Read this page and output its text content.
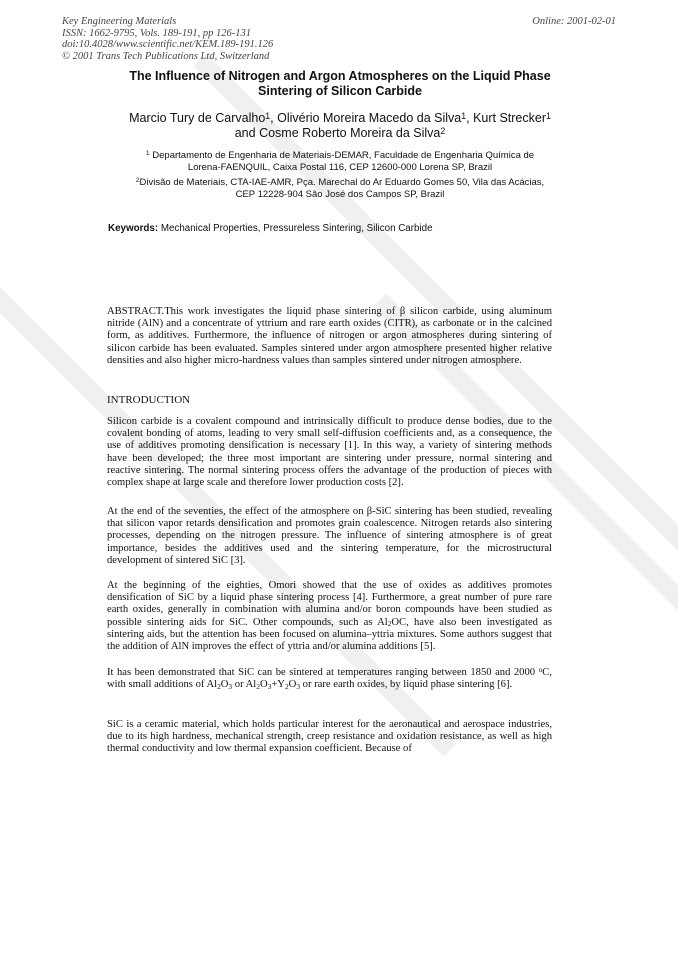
Key Engineering Materials
ISSN: 1662-9795, Vols. 189-191, pp 126-131
doi:10.4028/www.scientific.net/KEM.189-191.126
© 2001 Trans Tech Publications Ltd, Switzerland
Online: 2001-02-01
The Influence of Nitrogen and Argon Atmospheres on the Liquid Phase
Sintering of Silicon Carbide
Marcio Tury de Carvalho$^1$, Olivério Moreira Macedo da Silva$^1$, Kurt Strecker$^1$
and Cosme Roberto Moreira da Silva$^2$
$^1$ Departamento de Engenharia de Materiais-DEMAR, Faculdade de Engenharia Química de
Lorena-FAENQUIL, Caixa Postal 116, CEP 12600-000 Lorena SP, Brazil
$^2$Divisão de Materiais, CTA-IAE-AMR, Pça. Marechal do Ar Eduardo Gomes 50, Vila das Acácias,
CEP 12228-904 São José dos Campos SP, Brazil
Keywords: Mechanical Properties, Pressureless Sintering, Silicon Carbide
ABSTRACT.This work investigates the liquid phase sintering of β silicon carbide, using aluminum nitride (AlN) and a concentrate of yttrium and rare earth oxides (CITR), as carbonate or in the calcined form, as additives. Furthermore, the influence of nitrogen or argon atmospheres during sintering of silicon carbide has been evaluated. Samples sintered under argon atmosphere presented higher relative densities and also higher micro-hardness values than samples sintered under nitrogen atmosphere.
INTRODUCTION
Silicon carbide is a covalent compound and intrinsically difficult to produce dense bodies, due to the covalent bonding of atoms, leading to very small self-diffusion coefficients and, as a consequence, the use of additives promoting densification is necessary [1]. In this way, a variety of sintering methods have been developed; the three most important are sintering under pressure, normal sintering and reactive sintering. The normal sintering process offers the advantage of the production of pieces with complex shape at large scale and therefore lower production costs [2].
At the end of the seventies, the effect of the atmosphere on β-SiC sintering has been studied, revealing that silicon vapor retards densification and promotes grain coalescence. Nitrogen retards also sintering processes, depending on the nitrogen pressure. The influence of sintering atmosphere is of great importance, besides the additives used and the sintering temperature, for the microstructural development of sintered SiC [3].
At the beginning of the eighties, Omori showed that the use of oxides as additives promotes densification of SiC by a liquid phase sintering process [4]. Furthermore, a great number of pure rare earth oxides, generally in combination with alumina and/or boron compounds have been studied as possible sintering aids for SiC. Other compounds, such as $Al_2OC$, have also been investigated as sintering aids, but the attention has been focused on alumina–yttria mixtures. Some authors suggest that the addition of AlN improves the effect of yttria and/or alumina additions [5].
It has been demonstrated that SiC can be sintered at temperatures ranging between 1850 and 2000 $^o$C, with small additions of $Al_2O_3$ or $Al_2O_3+Y_2O_3$ or rare earth oxides, by liquid phase sintering [6].
SiC is a ceramic material, which holds particular interest for the aeronautical and aerospace industries, due to its high hardness, mechanical strength, creep resistance and oxidation resistance, as well as high thermal conductivity and low thermal expansion coefficient. Because of
